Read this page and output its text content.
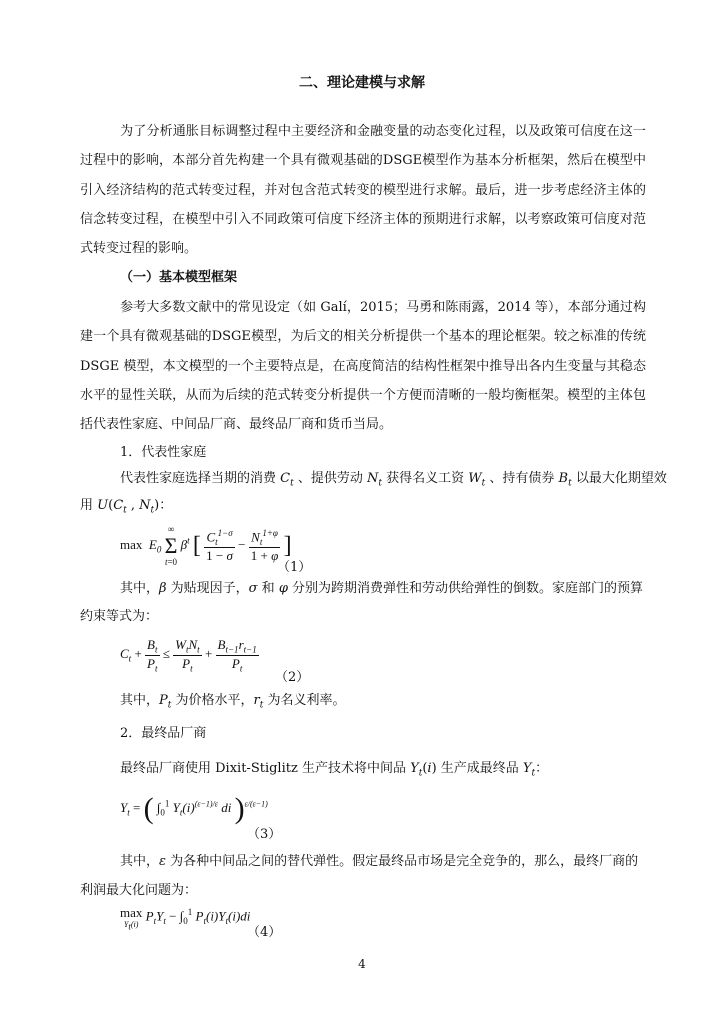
二、理论建模与求解
为了分析通胀目标调整过程中主要经济和金融变量的动态变化过程，以及政策可信度在这一过程中的影响，本部分首先构建一个具有微观基础的DSGE模型作为基本分析框架，然后在模型中引入经济结构的范式转变过程，并对包含范式转变的模型进行求解。最后，进一步考虑经济主体的信念转变过程，在模型中引入不同政策可信度下经济主体的预期进行求解，以考察政策可信度对范式转变过程的影响。
（一）基本模型框架
参考大多数文献中的常见设定（如 Galí，2015；马勇和陈雨露，2014 等），本部分通过构建一个具有微观基础的DSGE模型，为后文的相关分析提供一个基本的理论框架。较之标准的传统DSGE 模型，本文模型的一个主要特点是，在高度简洁的结构性框架中推导出各内生变量与其稳态水平的显性关联，从而为后续的范式转变分析提供一个方便而清晰的一般均衡框架。模型的主体包括代表性家庭、中间品厂商、最终品厂商和货币当局。
1．代表性家庭
代表性家庭选择当期的消费 $C_t$ 、提供劳动 $N_t$ 获得名义工资 $W_t$ 、持有债券 $B_t$ 以最大化期望效
用 $U(C_t$ , $N_t$)：
$\max E_0$
∞
Σ
t=0
$\beta^t$ [ $\frac{C_t^{1-\sigma}}{1 - \sigma} - \frac{N_t^{1+\varphi}}{1 + \varphi}$ ]
（1）
其中，β 为贴现因子，σ 和 φ 分别为跨期消费弹性和劳动供给弹性的倒数。家庭部门的预算
约束等式为：
$C_t + \frac{B_t}{P_t} \le \frac{W_tN_t}{P_t} + \frac{B_{t-1}r_{t-1}}{P_t}$
（2）
其中，$P_t$ 为价格水平，$r_t$ 为名义利率。
2．最终品厂商
最终品厂商使用 Dixit-Stiglitz 生产技术将中间品 $Y_t(i)$ 生产成最终品 $Y_t$：
$Y_t$ = ( $\int_0^1$ $Y_t(i)^{(\varepsilon-1)/\varepsilon}$ di )$^{\varepsilon/(\varepsilon-1)}$
（3）
其中，ε 为各种中间品之间的替代弹性。假定最终品市场是完全竞争的，那么，最终厂商的
利润最大化问题为：
max
$Y_t(i)$
$P_tY_t - \int_0^1$ $P_t(i)Y_t(i)di$
（4）
4
